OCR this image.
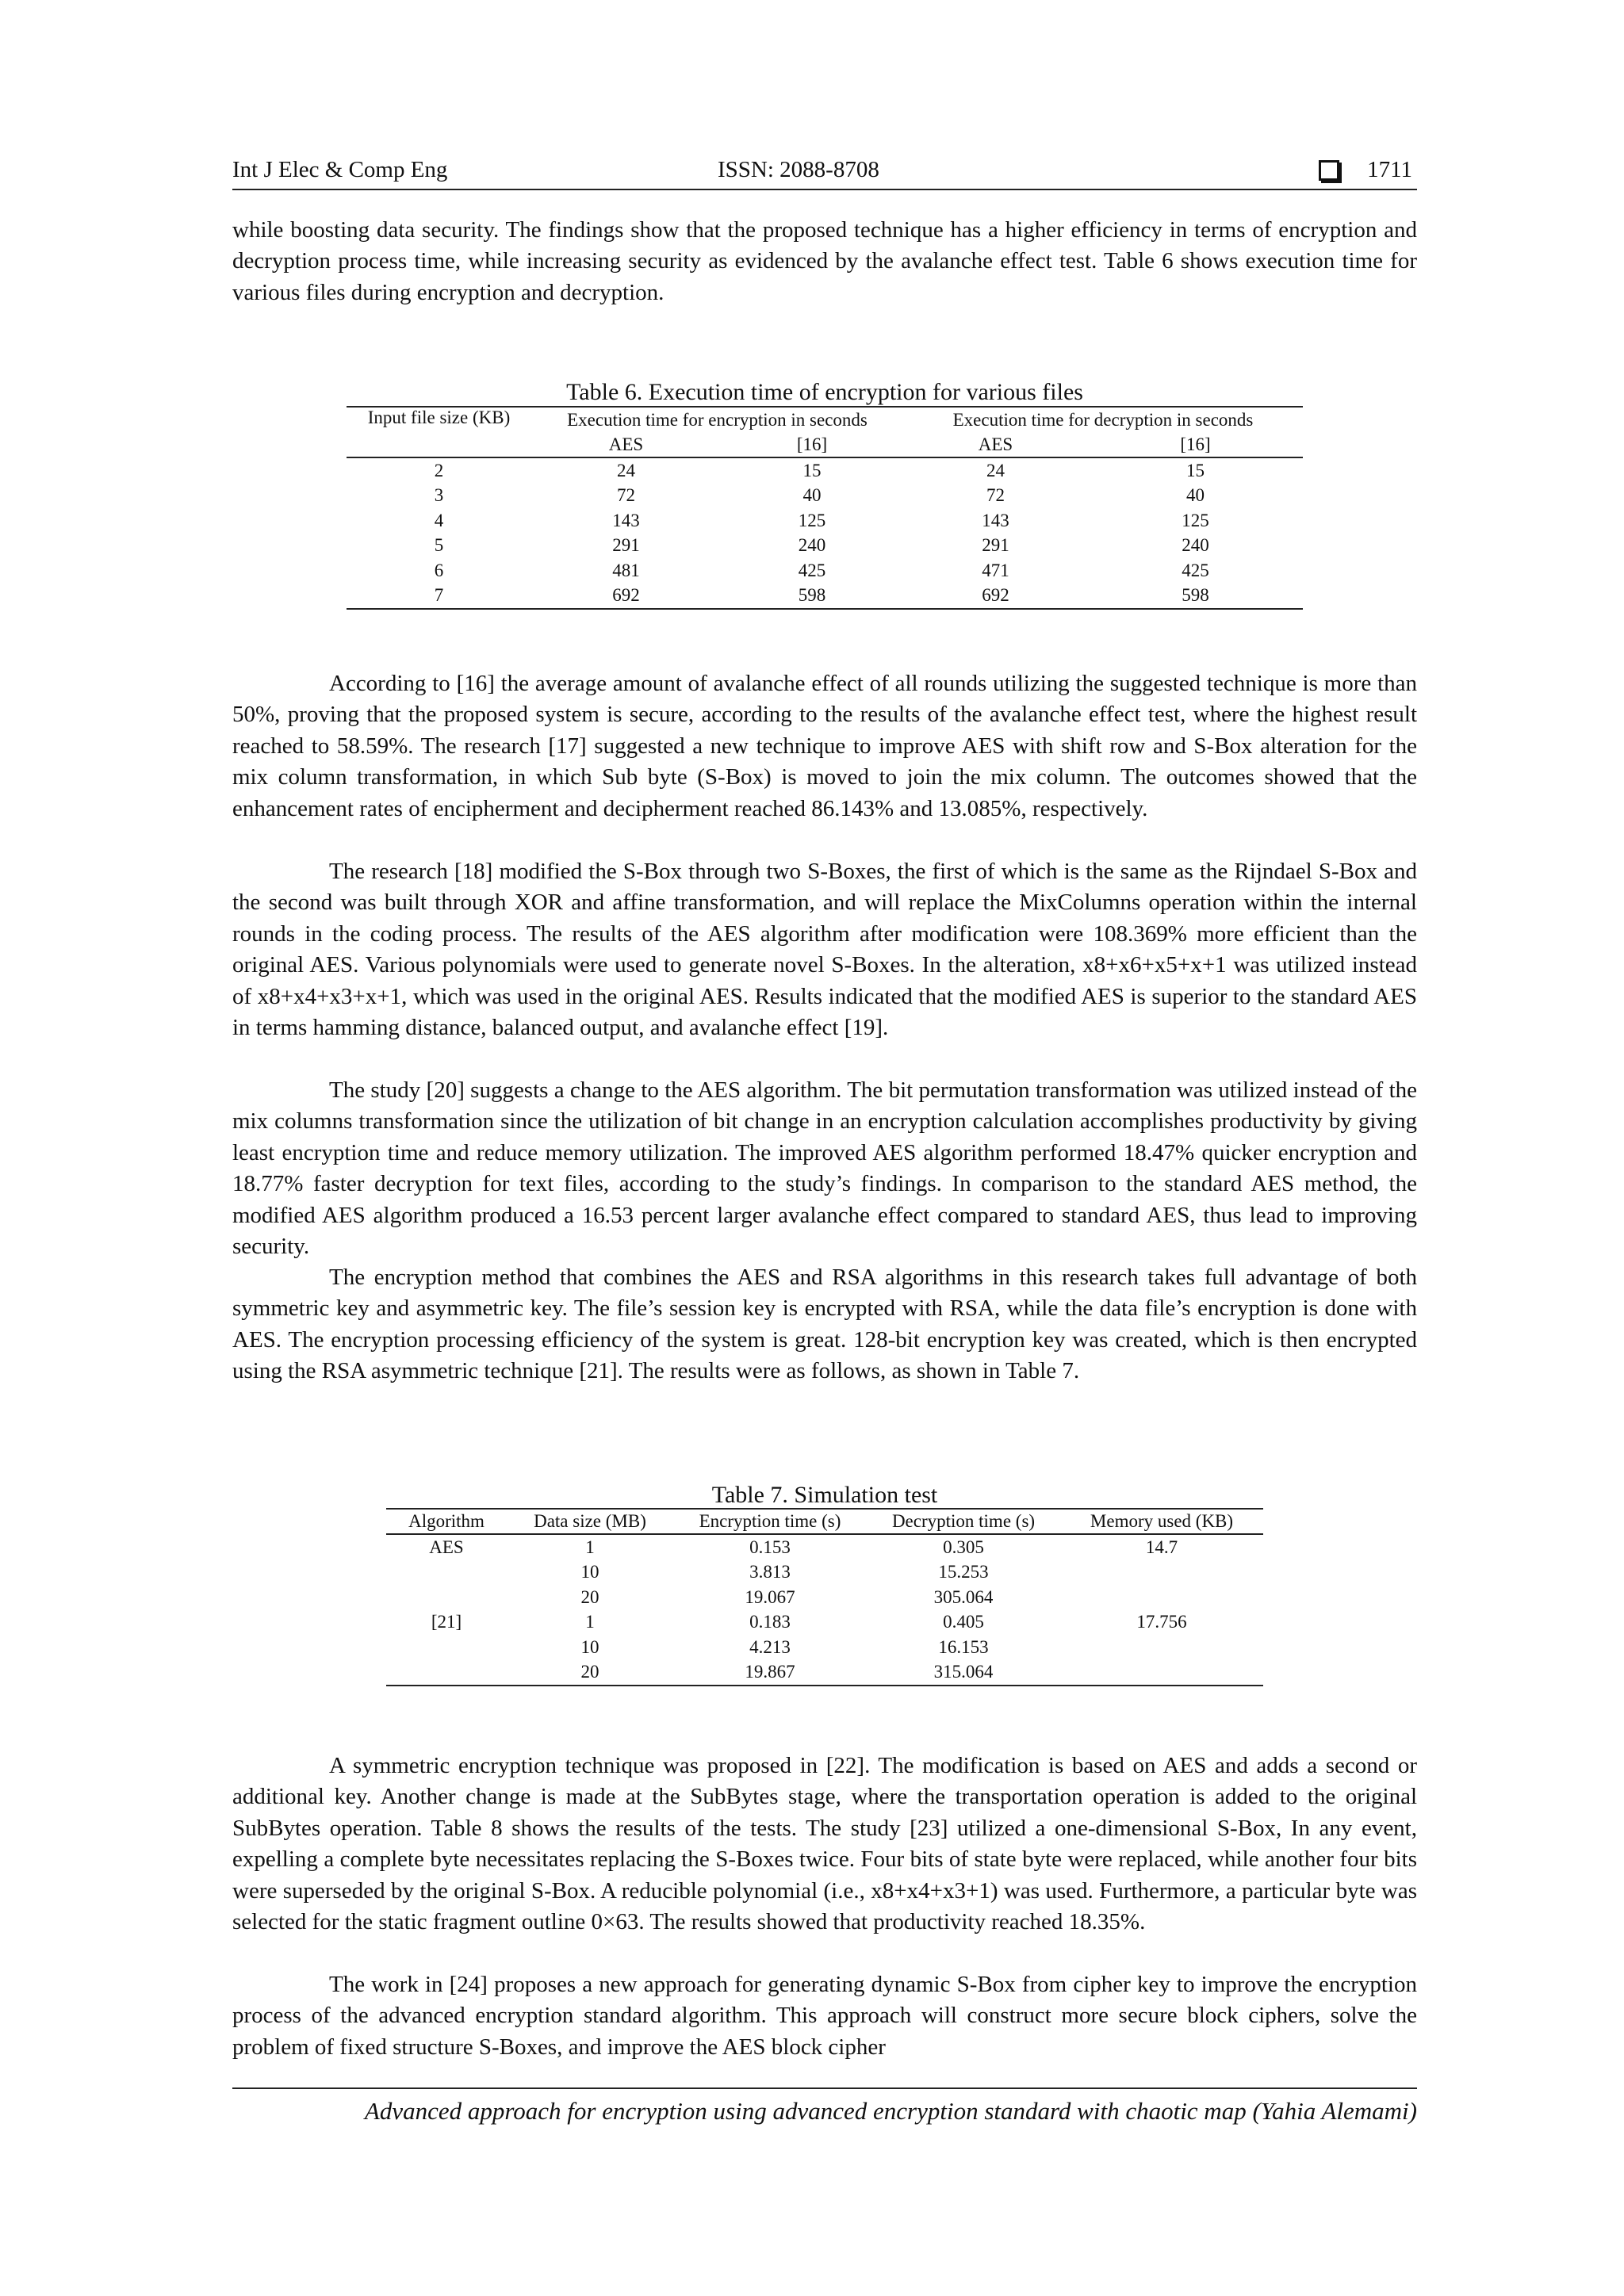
Int J Elec & Comp Eng	ISSN: 2088-8708	1711

while boosting data security. The findings show that the proposed technique has a higher efficiency in terms of encryption and decryption process time, while increasing security as evidenced by the avalanche effect test. Table 6 shows execution time for various files during encryption and decryption.

Table 6. Execution time of encryption for various files
Input file size (KB)	Execution time for encryption in seconds		Execution time for decryption in seconds	
	AES	[16]	AES	[16]
2	24	15	24	15
3	72	40	72	40
4	143	125	143	125
5	291	240	291	240
6	481	425	471	425
7	692	598	692	598

According to [16] the average amount of avalanche effect of all rounds utilizing the suggested technique is more than 50%, proving that the proposed system is secure, according to the results of the avalanche effect test, where the highest result reached to 58.59%. The research [17] suggested a new technique to improve AES with shift row and S-Box alteration for the mix column transformation, in which Sub byte (S-Box) is moved to join the mix column. The outcomes showed that the enhancement rates of encipherment and decipherment reached 86.143% and 13.085%, respectively.

The research [18] modified the S-Box through two S-Boxes, the first of which is the same as the Rijndael S-Box and the second was built through XOR and affine transformation, and will replace the MixColumns operation within the internal rounds in the coding process. The results of the AES algorithm after modification were 108.369% more efficient than the original AES. Various polynomials were used to generate novel S-Boxes. In the alteration, x8+x6+x5+x+1 was utilized instead of x8+x4+x3+x+1, which was used in the original AES. Results indicated that the modified AES is superior to the standard AES in terms hamming distance, balanced output, and avalanche effect [19].

The study [20] suggests a change to the AES algorithm. The bit permutation transformation was utilized instead of the mix columns transformation since the utilization of bit change in an encryption calculation accomplishes productivity by giving least encryption time and reduce memory utilization. The improved AES algorithm performed 18.47% quicker encryption and 18.77% faster decryption for text files, according to the study’s findings. In comparison to the standard AES method, the modified AES algorithm produced a 16.53 percent larger avalanche effect compared to standard AES, thus lead to improving security.

The encryption method that combines the AES and RSA algorithms in this research takes full advantage of both symmetric key and asymmetric key. The file’s session key is encrypted with RSA, while the data file’s encryption is done with AES. The encryption processing efficiency of the system is great. 128-bit encryption key was created, which is then encrypted using the RSA asymmetric technique [21]. The results were as follows, as shown in Table 7.

Table 7. Simulation test
Algorithm	Data size (MB)	Encryption time (s)	Decryption time (s)	Memory used (KB)
AES	1	0.153	0.305	14.7
	10	3.813	15.253	
	20	19.067	305.064	
[21]	1	0.183	0.405	17.756
	10	4.213	16.153	
	20	19.867	315.064	

A symmetric encryption technique was proposed in [22]. The modification is based on AES and adds a second or additional key. Another change is made at the SubBytes stage, where the transportation operation is added to the original SubBytes operation. Table 8 shows the results of the tests. The study [23] utilized a one-dimensional S-Box, In any event, expelling a complete byte necessitates replacing the S-Boxes twice. Four bits of state byte were replaced, while another four bits were superseded by the original S-Box. A reducible polynomial (i.e., x8+x4+x3+1) was used. Furthermore, a particular byte was selected for the static fragment outline 0×63. The results showed that productivity reached 18.35%.

The work in [24] proposes a new approach for generating dynamic S-Box from cipher key to improve the encryption process of the advanced encryption standard algorithm. This approach will construct more secure block ciphers, solve the problem of fixed structure S-Boxes, and improve the AES block cipher

Advanced approach for encryption using advanced encryption standard with chaotic map (Yahia Alemami)
